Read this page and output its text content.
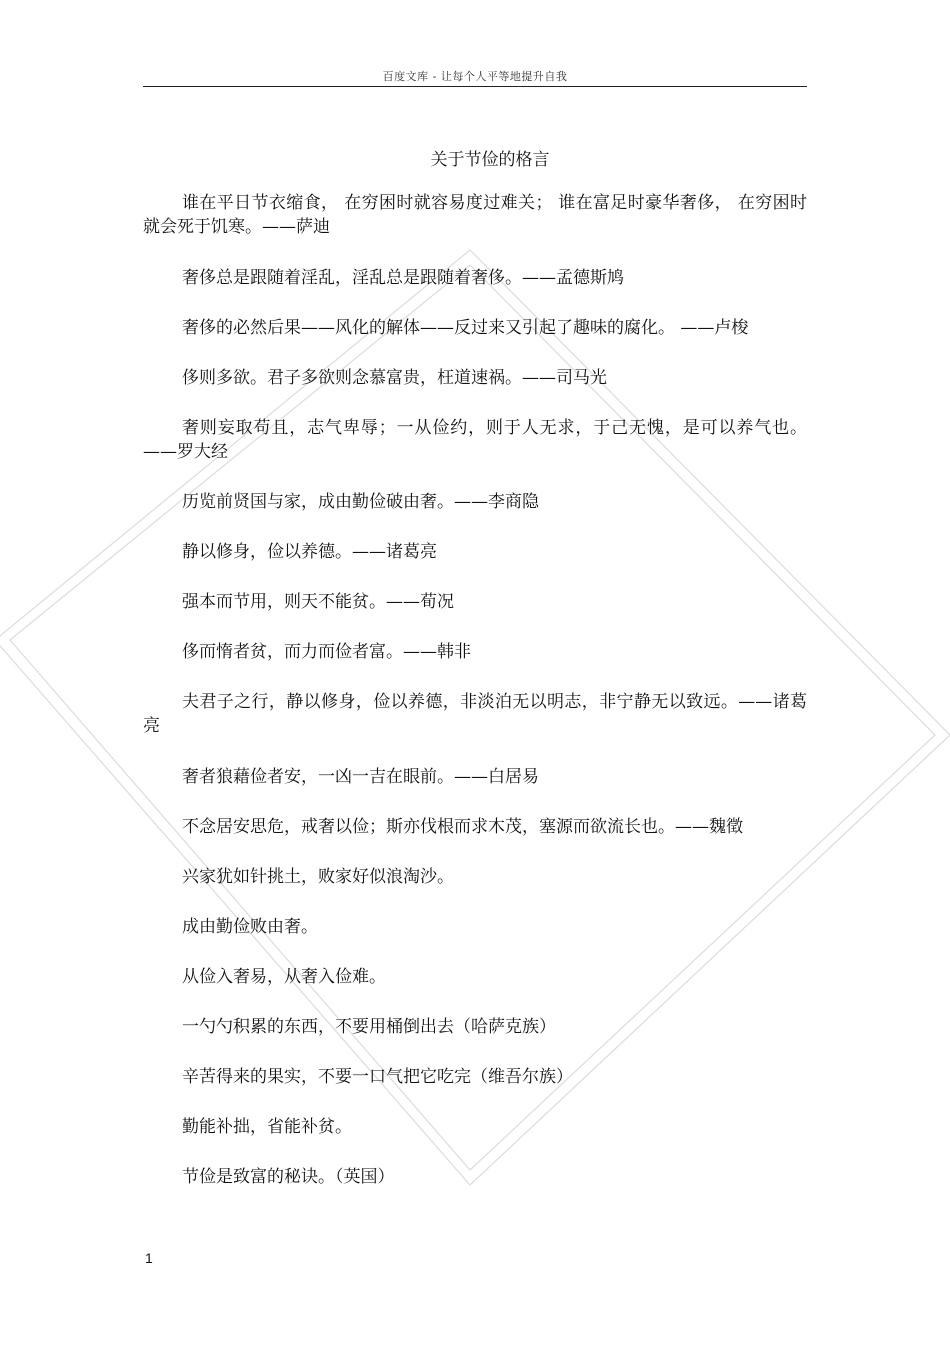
百度文库 - 让每个人平等地提升自我
关于节俭的格言

谁在平日节衣缩食， 在穷困时就容易度过难关； 谁在富足时豪华奢侈， 在穷困时就会死于饥寒。——萨迪

奢侈总是跟随着淫乱，淫乱总是跟随着奢侈。——孟德斯鸠

奢侈的必然后果——风化的解体——反过来又引起了趣味的腐化。 ——卢梭

侈则多欲。君子多欲则念慕富贵，枉道速祸。——司马光

奢则妄取苟且，志气卑辱；一从俭约，则于人无求，于己无愧，是可以养气也。——罗大经

历览前贤国与家，成由勤俭破由奢。——李商隐

静以修身，俭以养德。——诸葛亮

强本而节用，则天不能贫。——荀况

侈而惰者贫，而力而俭者富。——韩非

夫君子之行，静以修身，俭以养德，非淡泊无以明志，非宁静无以致远。——诸葛亮

奢者狼藉俭者安，一凶一吉在眼前。——白居易

不念居安思危，戒奢以俭；斯亦伐根而求木茂，塞源而欲流长也。——魏徵

兴家犹如针挑土，败家好似浪淘沙。

成由勤俭败由奢。

从俭入奢易，从奢入俭难。

一勺勺积累的东西，不要用桶倒出去（哈萨克族）

辛苦得来的果实，不要一口气把它吃完（维吾尔族）

勤能补拙，省能补贫。

节俭是致富的秘诀。（英国）

1
